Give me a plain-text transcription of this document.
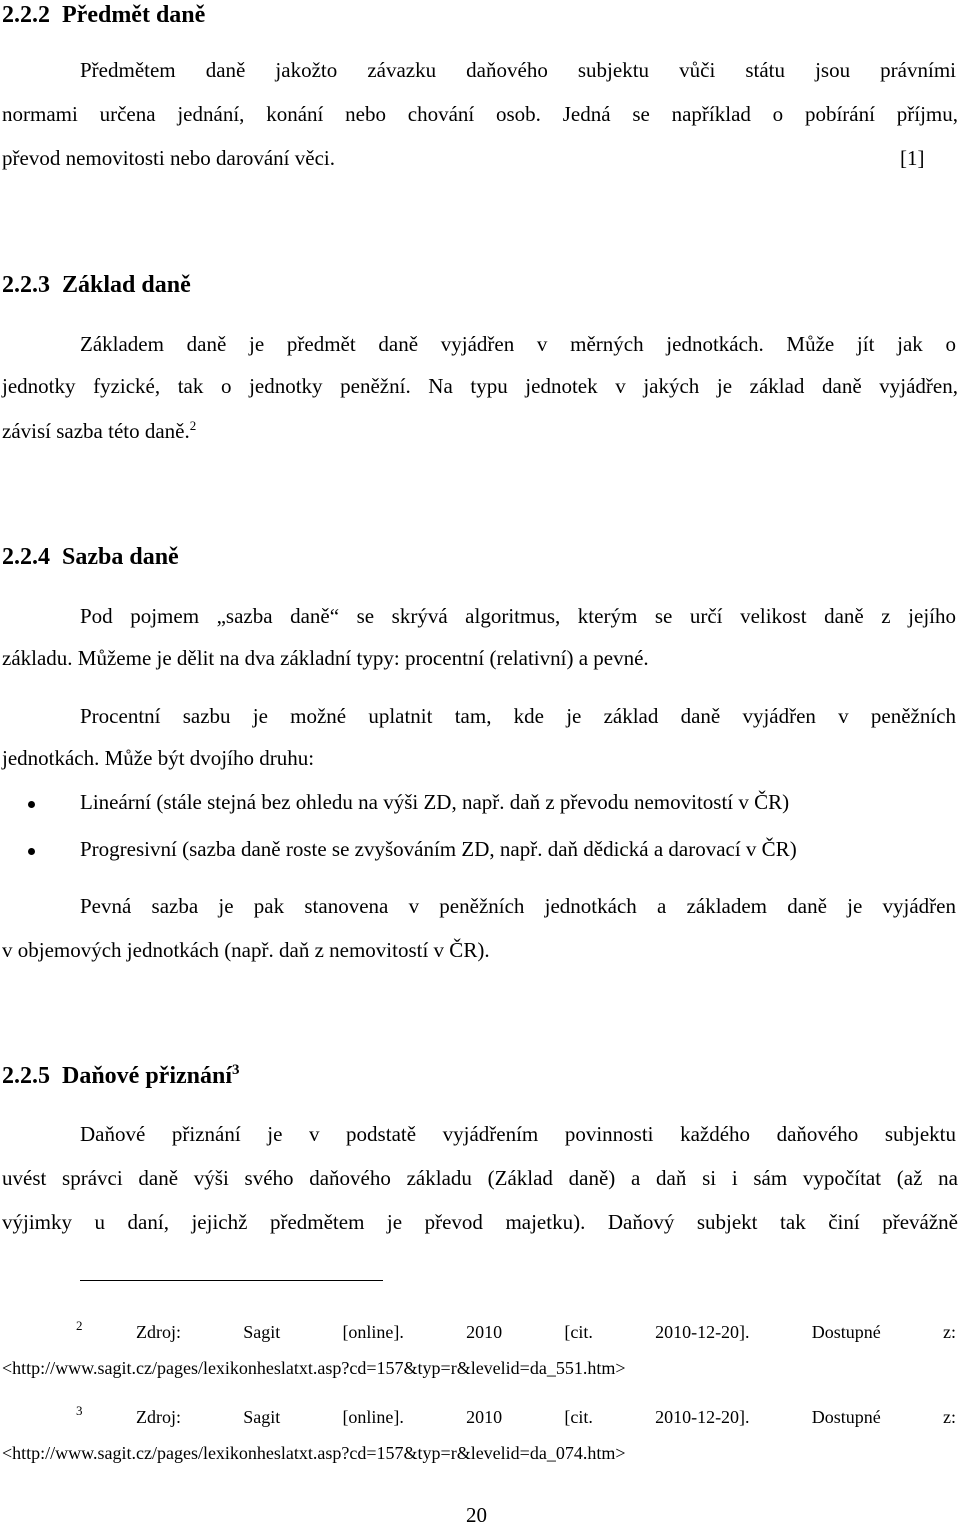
2.2.2 Předmět daně
Předmětem daně jakožto závazku daňového subjektu vůči státu jsou právními
normami určena jednání, konání nebo chování osob. Jedná se například o pobírání příjmu,
převod nemovitosti nebo darování věci.	[1]
2.2.3 Základ daně
Základem daně je předmět daně vyjádřen v měrných jednotkách. Může jít jak o
jednotky fyzické, tak o jednotky peněžní. Na typu jednotek v jakých je základ daně vyjádřen,
závisí sazba této daně.$^2$
2.2.4 Sazba daně
Pod pojmem „sazba daně“ se skrývá algoritmus, kterým se určí velikost daně z jejího
základu. Můžeme je dělit na dva základní typy: procentní (relativní) a pevné.
Procentní sazbu je možné uplatnit tam, kde je základ daně vyjádřen v peněžních
jednotkách. Může být dvojího druhu:
Lineární (stále stejná bez ohledu na výši ZD, např. daň z převodu nemovitostí v ČR)
Progresivní (sazba daně roste se zvyšováním ZD, např. daň dědická a darovací v ČR)
Pevná sazba je pak stanovena v peněžních jednotkách a základem daně je vyjádřen
v objemových jednotkách (např. daň z nemovitostí v ČR).
2.2.5 Daňové přiznání$^3$
Daňové přiznání je v podstatě vyjádřením povinnosti každého daňového subjektu
uvést správci daně výši svého daňového základu (Základ daně) a daň si i sám vypočítat (až na
výjimky u daní, jejichž předmětem je převod majetku). Daňový subjekt tak činí převážně
2	Zdroj: Sagit [online]. 2010 [cit. 2010-12-20]. Dostupné z:
<http://www.sagit.cz/pages/lexikonheslatxt.asp?cd=157&typ=r&levelid=da_551.htm>
3	Zdroj: Sagit [online]. 2010 [cit. 2010-12-20]. Dostupné z:
<http://www.sagit.cz/pages/lexikonheslatxt.asp?cd=157&typ=r&levelid=da_074.htm>
20
